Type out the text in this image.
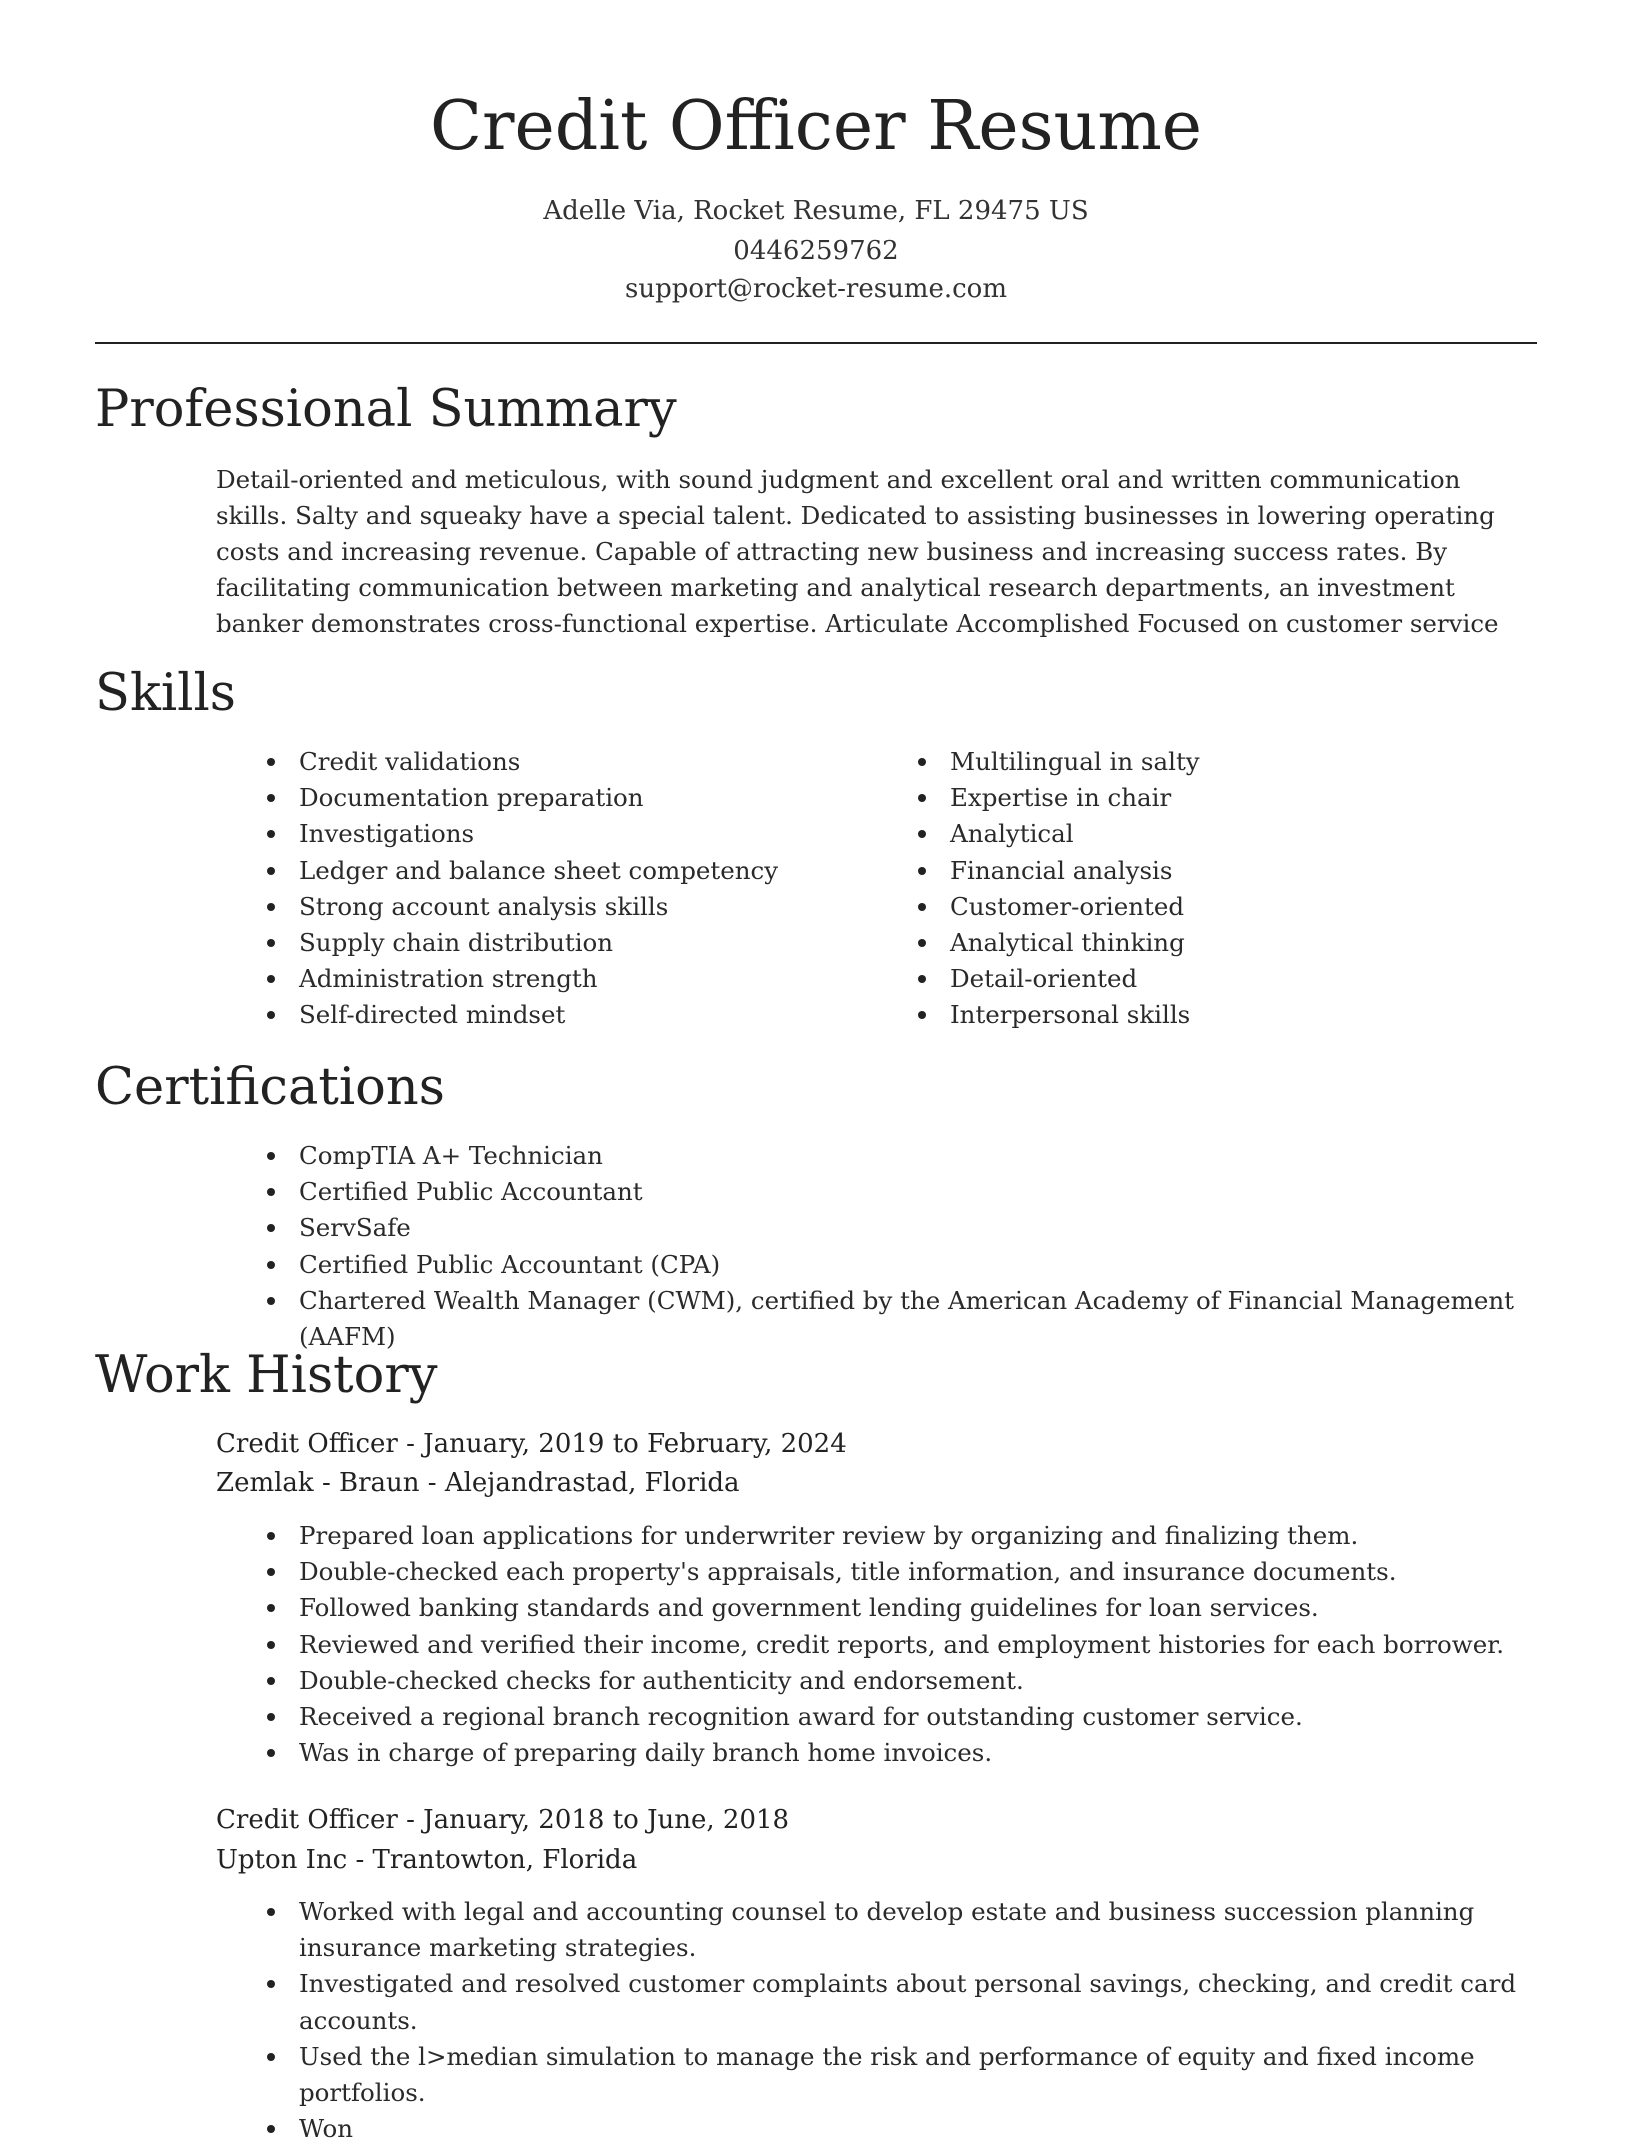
Credit Officer Resume
Adelle Via, Rocket Resume, FL 29475 US
0446259762
support@rocket-resume.com
Professional Summary

Detail-oriented and meticulous, with sound judgment and excellent oral and written communication skills. Salty and squeaky have a special talent. Dedicated to assisting businesses in lowering operating costs and increasing revenue. Capable of attracting new business and increasing success rates. By facilitating communication between marketing and analytical research departments, an investment banker demonstrates cross-functional expertise. Articulate Accomplished Focused on customer service

Skills
Credit validations
Documentation preparation
Investigations
Ledger and balance sheet competency
Strong account analysis skills
Supply chain distribution
Administration strength
Self-directed mindset
Multilingual in salty
Expertise in chair
Analytical
Financial analysis
Customer-oriented
Analytical thinking
Detail-oriented
Interpersonal skills
Certifications
CompTIA A+ Technician
Certified Public Accountant
ServSafe
Certified Public Accountant (CPA)
Chartered Wealth Manager (CWM), certified by the American Academy of Financial Management (AAFM)
Work History
Credit Officer - January, 2019 to February, 2024
Zemlak - Braun - Alejandrastad, Florida
Prepared loan applications for underwriter review by organizing and finalizing them.
Double-checked each property's appraisals, title information, and insurance documents.
Followed banking standards and government lending guidelines for loan services.
Reviewed and verified their income, credit reports, and employment histories for each borrower.
Double-checked checks for authenticity and endorsement.
Received a regional branch recognition award for outstanding customer service.
Was in charge of preparing daily branch home invoices.
Credit Officer - January, 2018 to June, 2018
Upton Inc - Trantowton, Florida
Worked with legal and accounting counsel to develop estate and business succession planning insurance marketing strategies.
Investigated and resolved customer complaints about personal savings, checking, and credit card accounts.
Used the l>median simulation to manage the risk and performance of equity and fixed income portfolios.
Won
